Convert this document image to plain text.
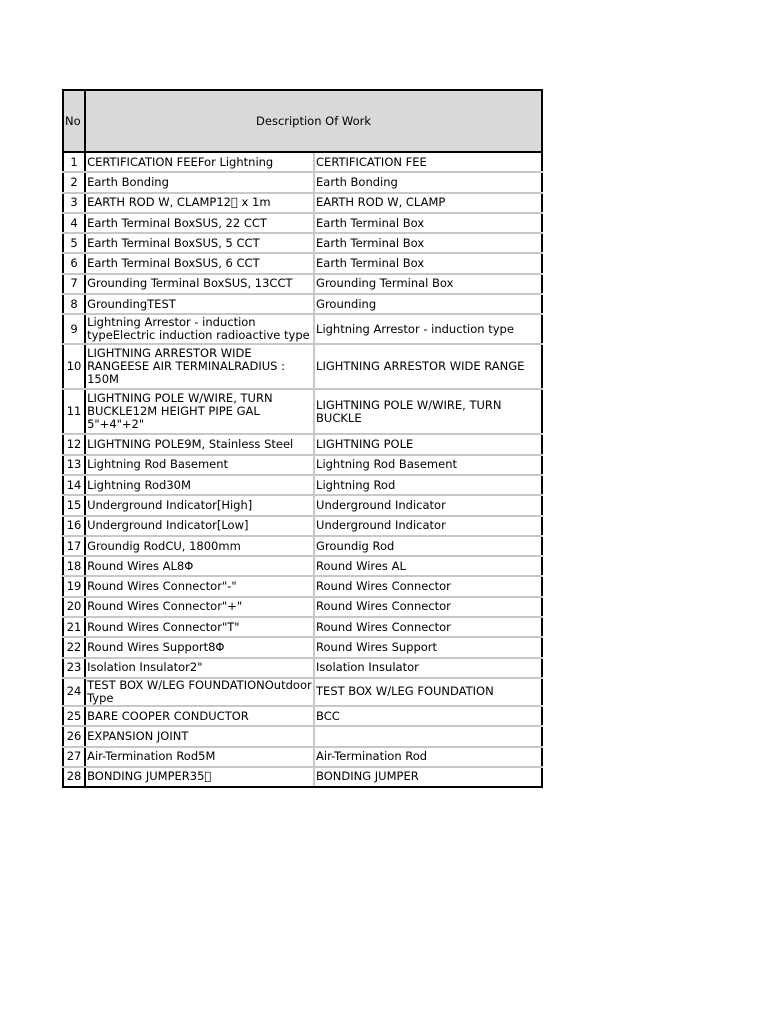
No	Description Of Work	
1	CERTIFICATION FEEFor Lightning	CERTIFICATION FEE
2	Earth Bonding	Earth Bonding
3	EARTH ROD W, CLAMP12 x 1m	EARTH ROD W, CLAMP
4	Earth Terminal BoxSUS, 22 CCT	Earth Terminal Box
5	Earth Terminal BoxSUS, 5 CCT	Earth Terminal Box
6	Earth Terminal BoxSUS, 6 CCT	Earth Terminal Box
7	Grounding Terminal BoxSUS, 13CCT	Grounding Terminal Box
8	GroundingTEST	Grounding
9	Lightning Arrestor - induction typeElectric induction radioactive type	Lightning Arrestor - induction type
10	LIGHTNING ARRESTOR WIDE RANGEESE AIR TERMINALRADIUS : 150M	LIGHTNING ARRESTOR WIDE RANGE
11	LIGHTNING POLE W/WIRE, TURN BUCKLE12M HEIGHT PIPE GAL 5"+4"+2"	LIGHTNING POLE W/WIRE, TURN BUCKLE
12	LIGHTNING POLE9M, Stainless Steel	LIGHTNING POLE
13	Lightning Rod Basement	Lightning Rod Basement
14	Lightning Rod30M	Lightning Rod
15	Underground Indicator[High]	Underground Indicator
16	Underground Indicator[Low]	Underground Indicator
17	Groundig RodCU, 1800mm	Groundig Rod
18	Round Wires AL8Φ	Round Wires AL
19	Round Wires Connector"-"	Round Wires Connector
20	Round Wires Connector"+"	Round Wires Connector
21	Round Wires Connector"T"	Round Wires Connector
22	Round Wires Support8Φ	Round Wires Support
23	Isolation Insulator2"	Isolation Insulator
24	TEST BOX W/LEG FOUNDATIONOutdoor Type	TEST BOX W/LEG FOUNDATION
25	BARE COOPER CONDUCTOR	BCC
26	EXPANSION JOINT	
27	Air-Termination Rod5M	Air-Termination Rod
28	BONDING JUMPER35	BONDING JUMPER
